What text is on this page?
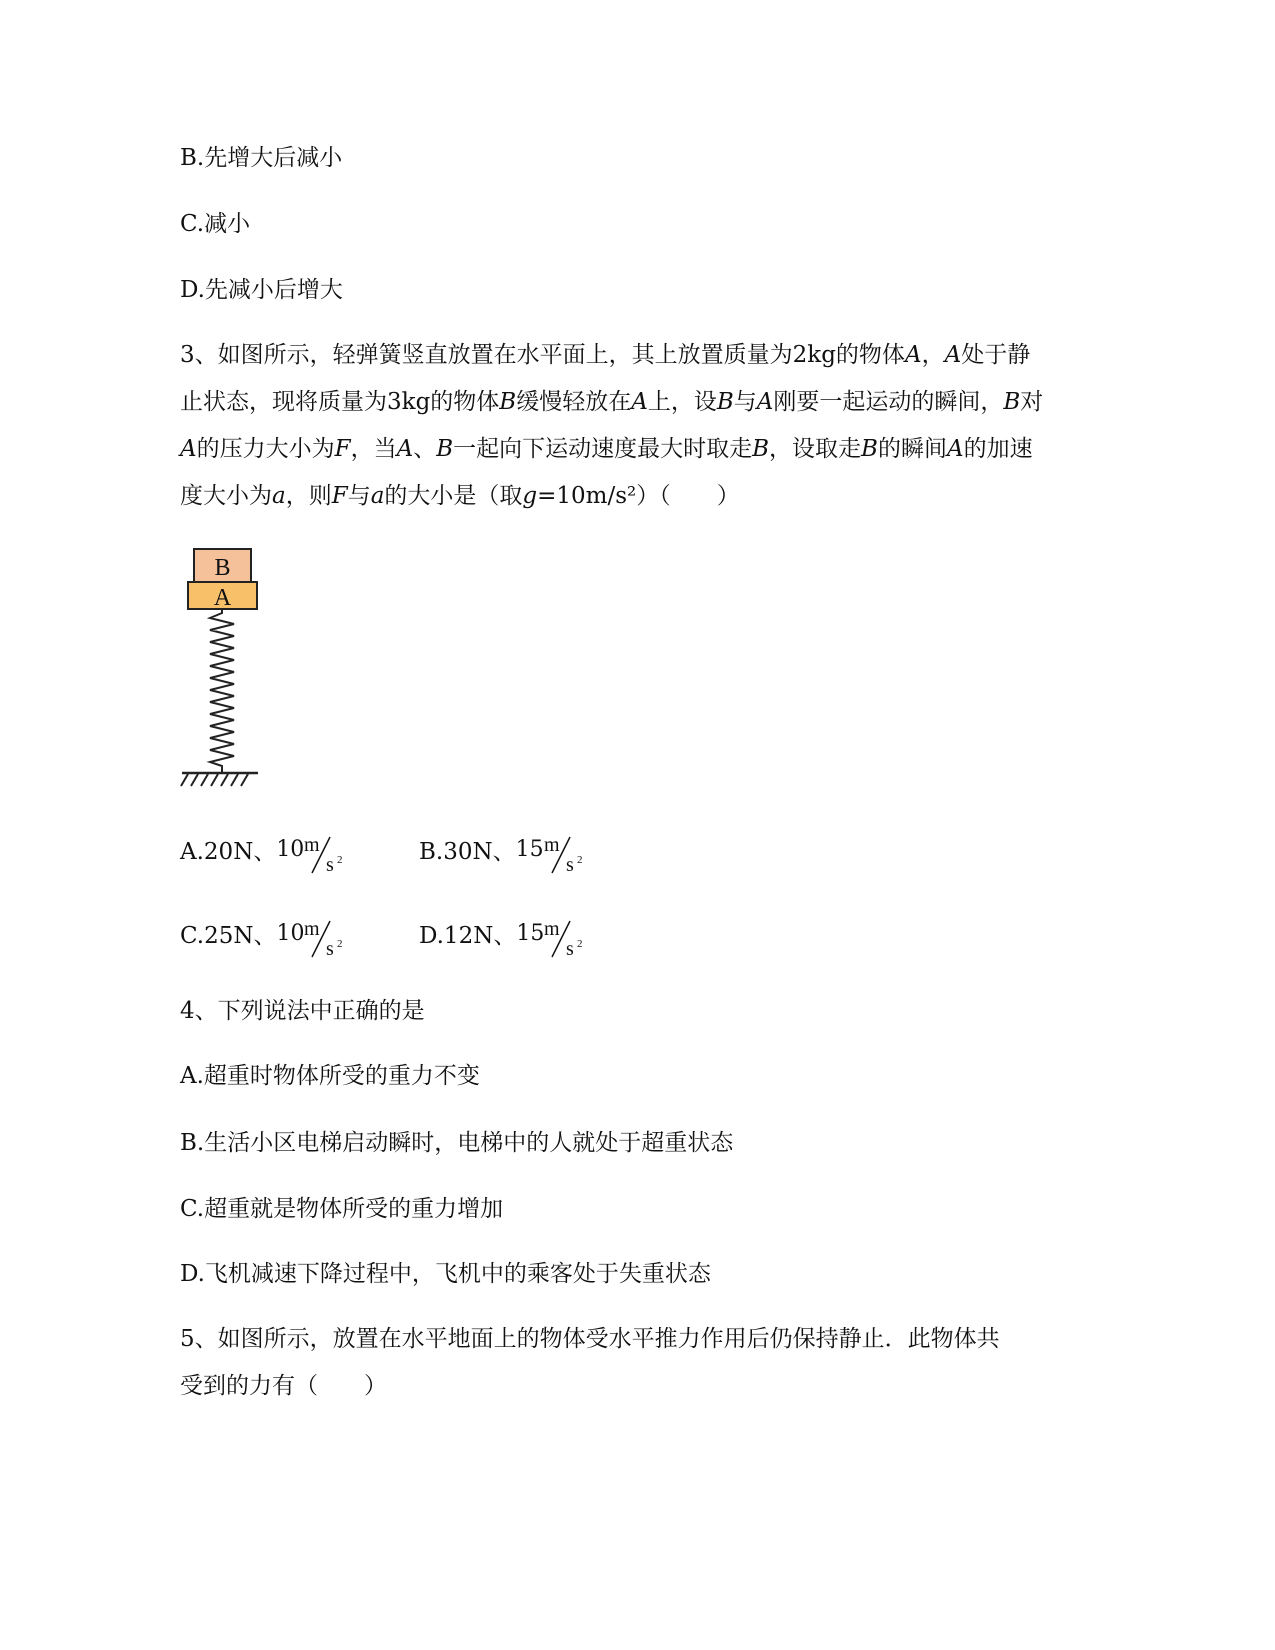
B.先增大后减小
C.减小
D.先减小后增大
3、如图所示，轻弹簧竖直放置在水平面上，其上放置质量为2kg的物体A，A处于静止状态，现将质量为3kg的物体B缓慢轻放在A上，设B与A刚要一起运动的瞬间，B对A的压力大小为F，当A、B一起向下运动速度最大时取走B，设取走B的瞬间A的加速度大小为a，则F与a的大小是（取g=10m/s²）（　　）
B
A
A.20N、 10 m
s 2	B.30N、 15 m
s 2
C.25N、 10 m
s 2	D.12N、 15 m
s 2
4、下列说法中正确的是
A.超重时物体所受的重力不变
B.生活小区电梯启动瞬时，电梯中的人就处于超重状态
C.超重就是物体所受的重力增加
D.飞机减速下降过程中，飞机中的乘客处于失重状态
5、如图所示，放置在水平地面上的物体受水平推力作用后仍保持静止．此物体共
受到的力有（　　）
